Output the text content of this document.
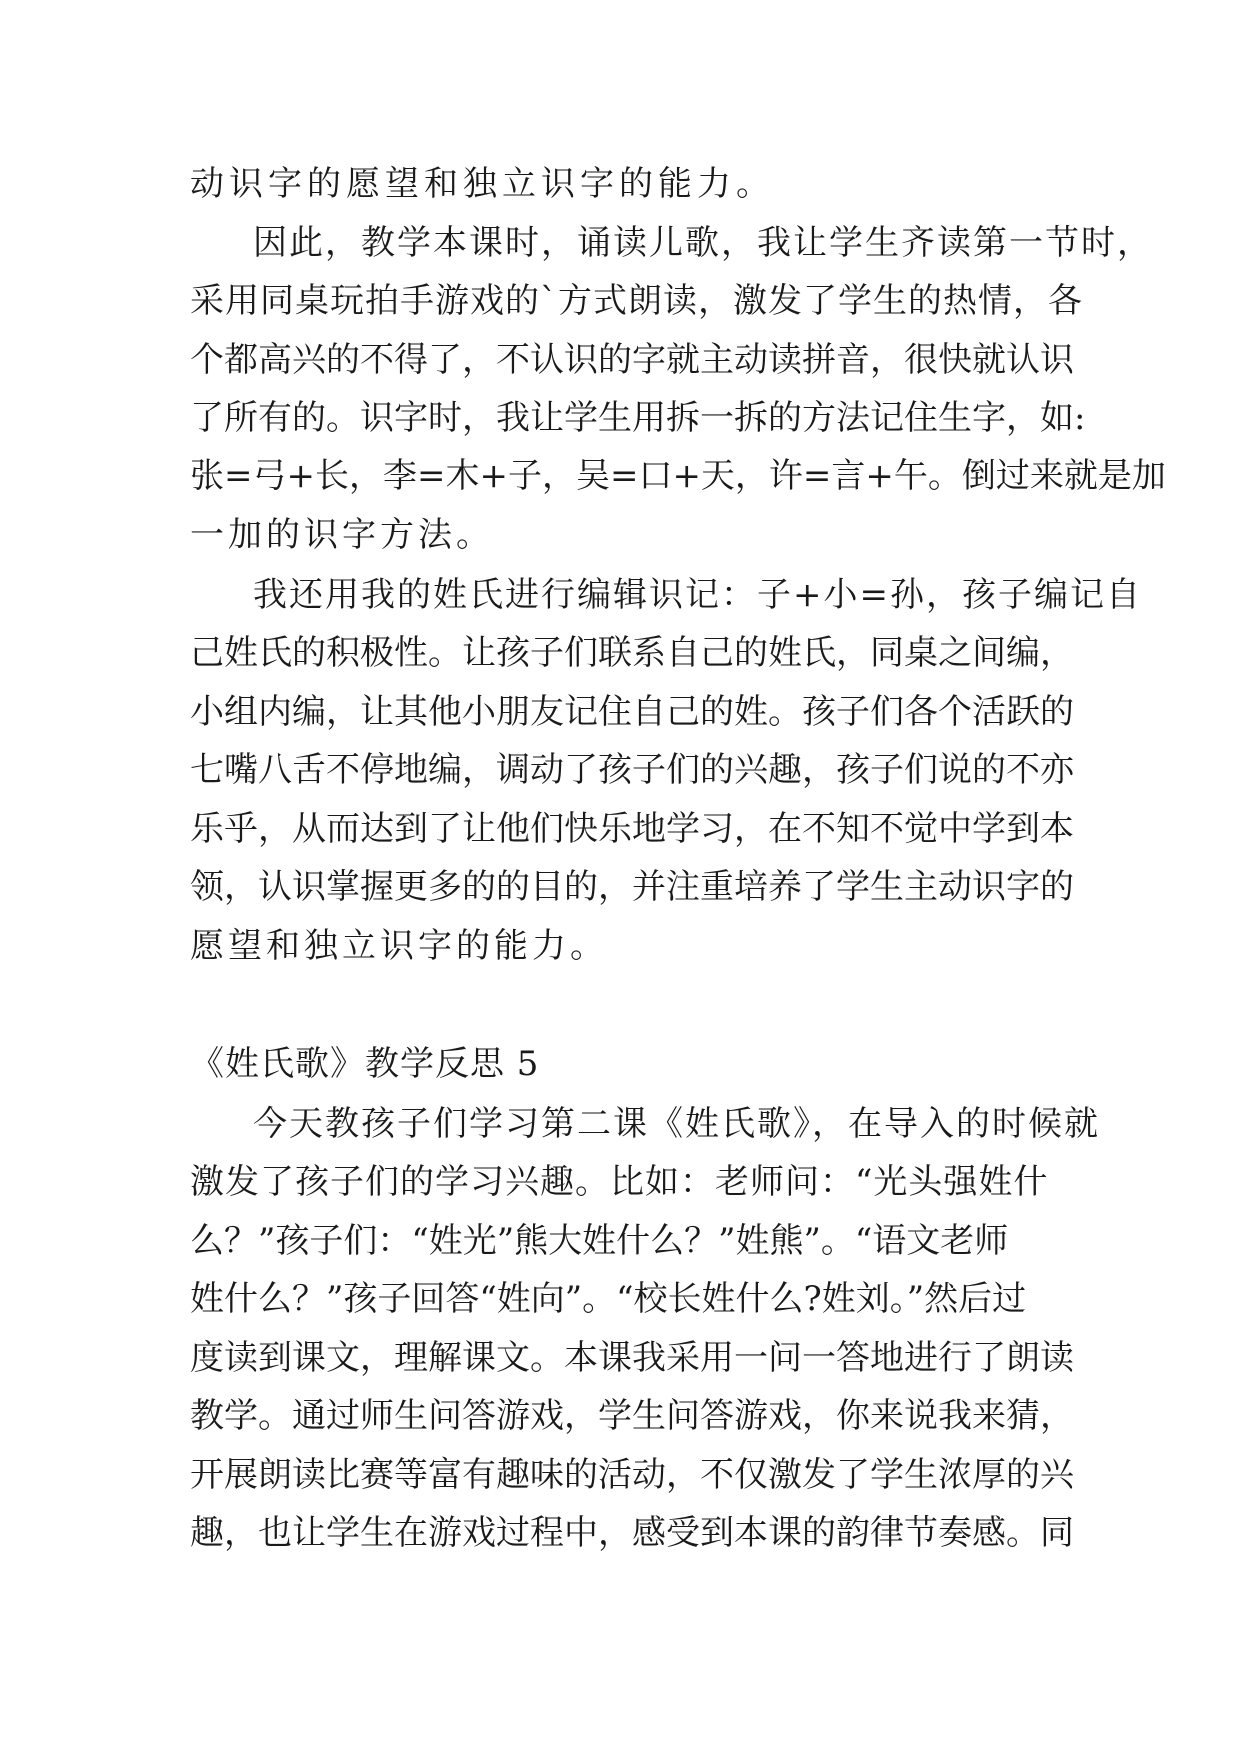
动识字的愿望和独立识字的能力。
因此，教学本课时，诵读儿歌，我让学生齐读第一节时，
采用同桌玩拍手游戏的`方式朗读，激发了学生的热情，各
个都高兴的不得了，不认识的字就主动读拼音，很快就认识
了所有的。识字时，我让学生用拆一拆的方法记住生字，如:
张=弓+长，李=木+子，吴=口+天，许=言+午。倒过来就是加
一加的识字方法。
我还用我的姓氏进行编辑识记：子+小=孙，孩子编记自
己姓氏的积极性。让孩子们联系自己的姓氏，同桌之间编，
小组内编，让其他小朋友记住自己的姓。孩子们各个活跃的
七嘴八舌不停地编，调动了孩子们的兴趣，孩子们说的不亦
乐乎，从而达到了让他们快乐地学习，在不知不觉中学到本
领，认识掌握更多的的目的，并注重培养了学生主动识字的
愿望和独立识字的能力。
《姓氏歌》教学反思 5
今天教孩子们学习第二课《姓氏歌》，在导入的时候就
激发了孩子们的学习兴趣。比如：老师问：“光头强姓什
么？”孩子们：“姓光”熊大姓什么？”姓熊”。“语文老师
姓什么？”孩子回答“姓向”。“校长姓什么?姓刘。”然后过
度读到课文，理解课文。本课我采用一问一答地进行了朗读
教学。通过师生问答游戏，学生问答游戏，你来说我来猜，
开展朗读比赛等富有趣味的活动，不仅激发了学生浓厚的兴
趣，也让学生在游戏过程中，感受到本课的韵律节奏感。同
